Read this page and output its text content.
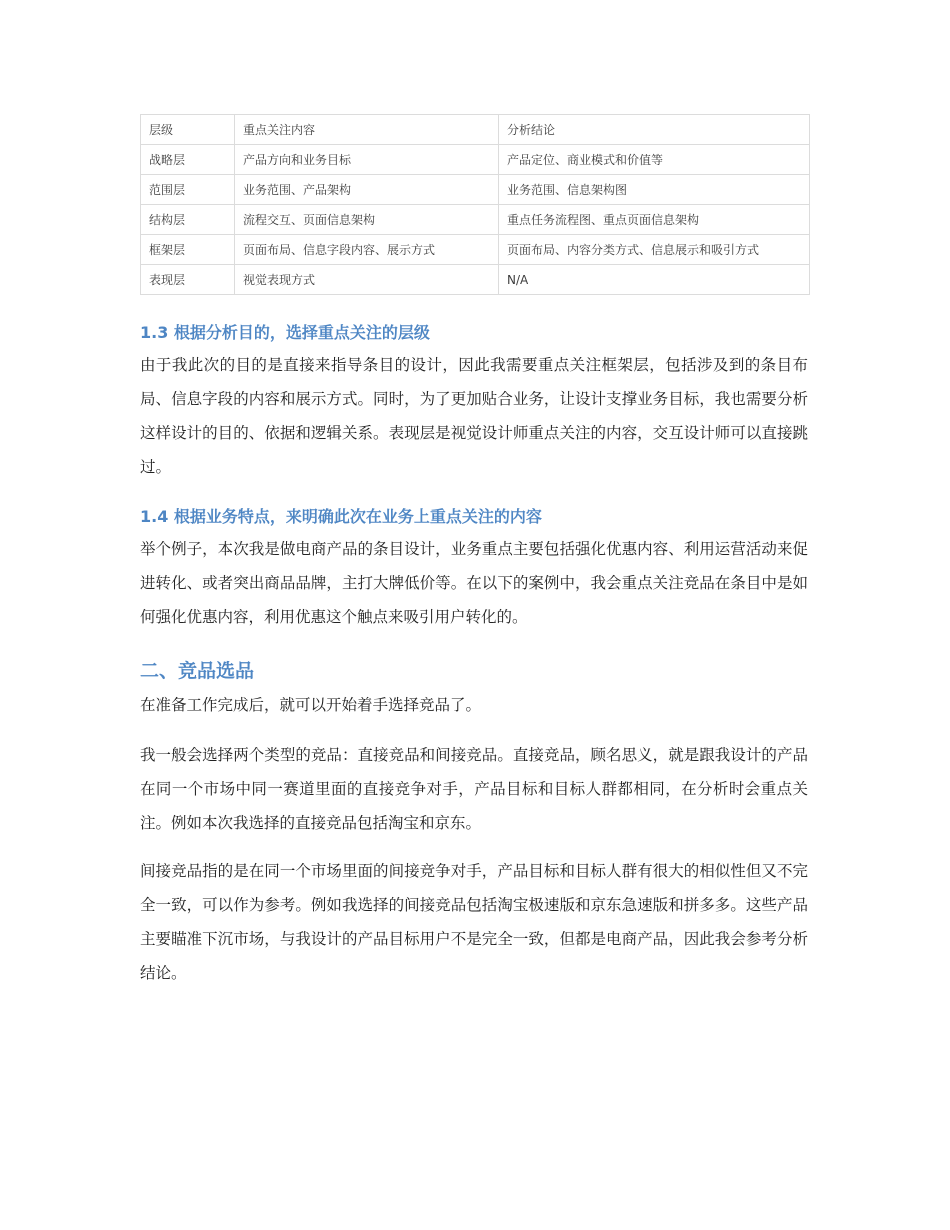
层级	重点关注内容	分析结论
战略层	产品方向和业务目标	产品定位、商业模式和价值等
范围层	业务范围、产品架构	业务范围、信息架构图
结构层	流程交互、页面信息架构	重点任务流程图、重点页面信息架构
框架层	页面布局、信息字段内容、展示方式	页面布局、内容分类方式、信息展示和吸引方式
表现层	视觉表现方式	N/A
1.3 根据分析目的，选择重点关注的层级

由于我此次的目的是直接来指导条目的设计，因此我需要重点关注框架层，包括涉及到的条目布局、信息字段的内容和展示方式。同时，为了更加贴合业务，让设计支撑业务目标，我也需要分析这样设计的目的、依据和逻辑关系。表现层是视觉设计师重点关注的内容，交互设计师可以直接跳过。

1.4 根据业务特点，来明确此次在业务上重点关注的内容

举个例子，本次我是做电商产品的条目设计，业务重点主要包括强化优惠内容、利用运营活动来促进转化、或者突出商品品牌，主打大牌低价等。在以下的案例中，我会重点关注竞品在条目中是如何强化优惠内容，利用优惠这个触点来吸引用户转化的。

二、竞品选品

在准备工作完成后，就可以开始着手选择竞品了。

我一般会选择两个类型的竞品：直接竞品和间接竞品。直接竞品，顾名思义，就是跟我设计的产品在同一个市场中同一赛道里面的直接竞争对手，产品目标和目标人群都相同，在分析时会重点关注。例如本次我选择的直接竞品包括淘宝和京东。

间接竞品指的是在同一个市场里面的间接竞争对手，产品目标和目标人群有很大的相似性但又不完全一致，可以作为参考。例如我选择的间接竞品包括淘宝极速版和京东急速版和拼多多。这些产品主要瞄准下沉市场，与我设计的产品目标用户不是完全一致，但都是电商产品，因此我会参考分析结论。
